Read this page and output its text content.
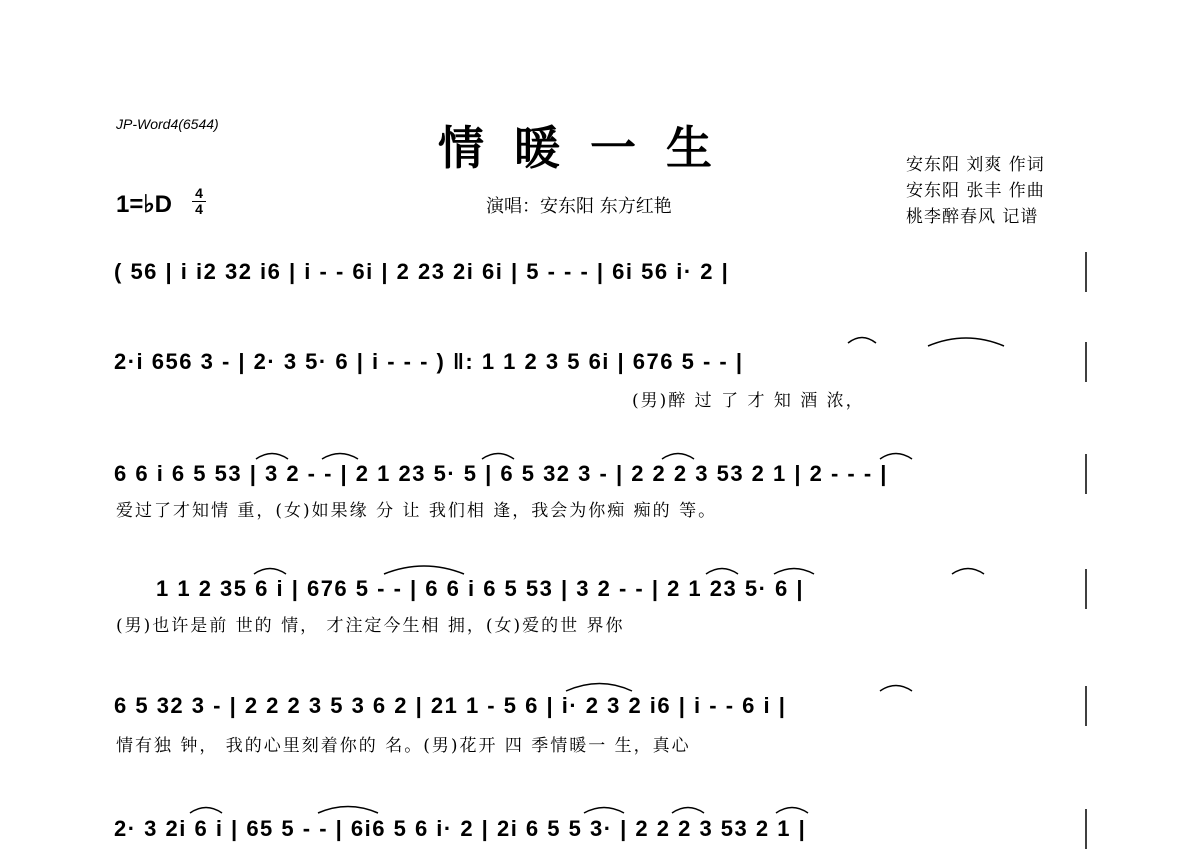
JP-Word4(6544)	情暖一生
1=♭D 4
4	演唱：安东阳 东方红艳
安东阳 刘爽 作词
安东阳 张丰 作曲
桃李醉春风 记谱
( 56 | i i2 32 i6 | i - - 6i | 2 23 2i 6i | 5 - - - | 6i 56 i· 2 |
2·i 656 3 - | 2· 3 5· 6 | i - - - ) ‖: 1 1 2 3 5 6i | 676 5 - - |
(男)醉 过 了 才 知 酒 浓，
6 6 i 6 5 53 | 3 2 - - | 2 1 23 5· 5 | 6 5 32 3 - | 2 2 2 3 53 2 1 | 2 - - - |
爱过了才知情 重，(女)如果缘 分 让 我们相 逢，我会为你痴 痴的 等。
1 1 2 35 6 i | 676 5 - - | 6 6 i 6 5 53 | 3 2 - - | 2 1 23 5· 6 |
(男)也许是前 世的 情， 才注定今生相 拥，(女)爱的世 界你
6 5 32 3 - | 2 2 2 3 5 3 6 2 | 21 1 - 5 6 | i· 2 3 2 i6 | i - - 6 i |
情有独 钟， 我的心里刻着你的 名。(男)花开 四 季情暖一 生，真心
2· 3 2i 6 i | 65 5 - - | 6i6 5 6 i· 2 | 2i 6 5 5 3· | 2 2 2 3 53 2 1 |
